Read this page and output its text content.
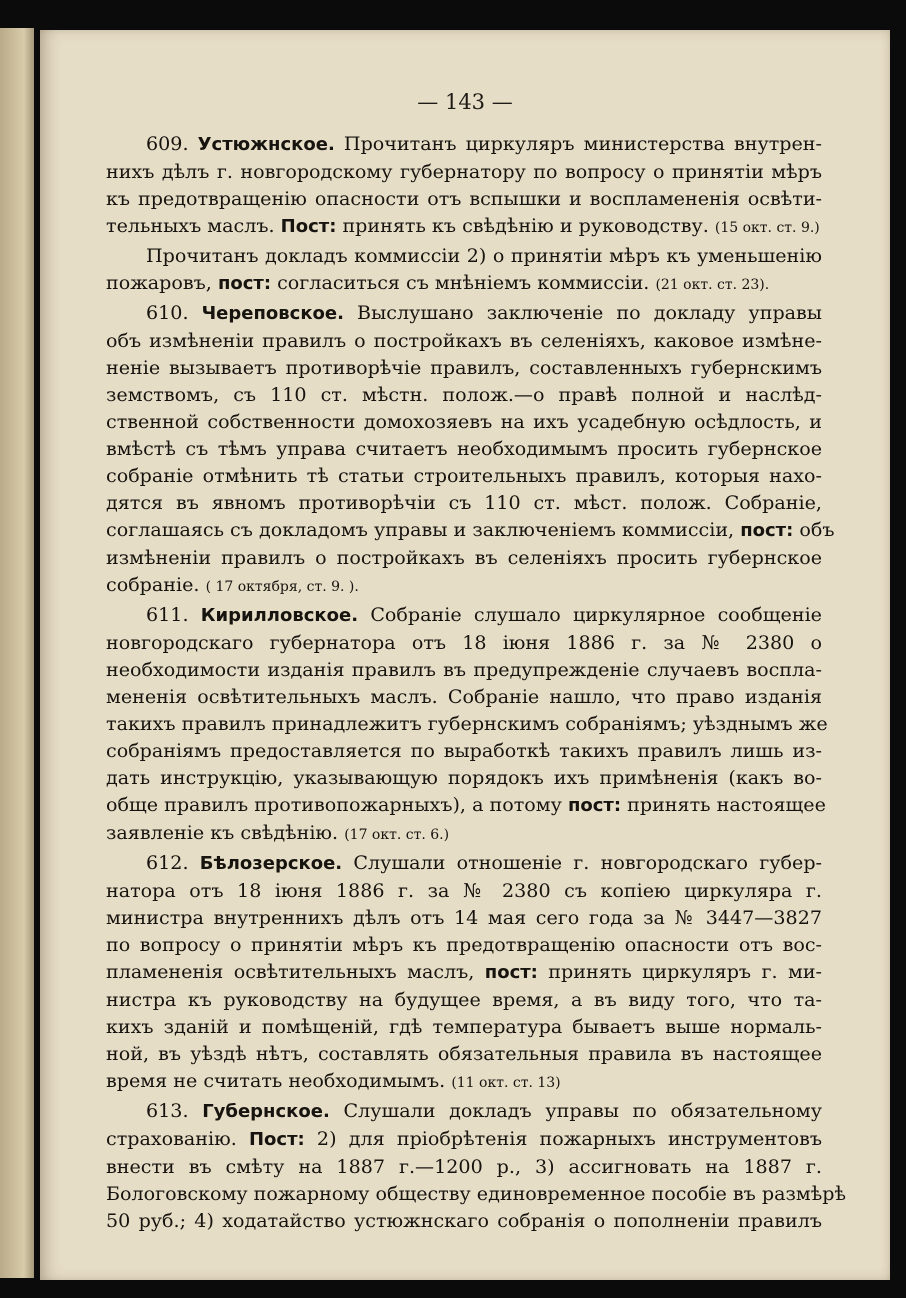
— 143 —
609. Устюжнское. Прочитанъ циркуляръ министерства внутрен-
нихъ дѣлъ г. новгородскому губернатору по вопросу о принятіи мѣръ
къ предотвращенію опасности отъ вспышки и воспламененія освѣти-
тельныхъ маслъ. Пост: принять къ свѣдѣнію и руководству. (15 окт. ст. 9.)
Прочитанъ докладъ коммиссіи 2) о принятіи мѣръ къ уменьшенію
пожаровъ, пост: согласиться съ мнѣніемъ коммиссіи. (21 окт. ст. 23).
610. Череповское. Выслушано заключеніе по докладу управы
объ измѣненіи правилъ о постройкахъ въ селеніяхъ, каковое измѣне-
неніе вызываетъ противорѣчіе правилъ, составленныхъ губернскимъ
земствомъ, съ 110 ст. мѣстн. полож.—о правѣ полной и наслѣд-
ственной собственности домохозяевъ на ихъ усадебную осѣдлость, и
вмѣстѣ съ тѣмъ управа считаетъ необходимымъ просить губернское
собраніе отмѣнить тѣ статьи строительныхъ правилъ, которыя нахо-
дятся въ явномъ противорѣчіи съ 110 ст. мѣст. полож. Собраніе,
соглашаясь съ докладомъ управы и заключеніемъ коммиссіи, пост: объ
измѣненіи правилъ о постройкахъ въ селеніяхъ просить губернское
собраніе. ( 17 октября, ст. 9. ).
611. Кирилловское. Собраніе слушало циркулярное сообщеніе
новгородскаго губернатора отъ 18 іюня 1886 г. за № 2380 о
необходимости изданія правилъ въ предупрежденіе случаевъ воспла-
мененія освѣтительныхъ маслъ. Собраніе нашло, что право изданія
такихъ правилъ принадлежитъ губернскимъ собраніямъ; уѣзднымъ же
собраніямъ предоставляется по выработкѣ такихъ правилъ лишь из-
дать инструкцію, указывающую порядокъ ихъ примѣненія (какъ во-
обще правилъ противопожарныхъ), а потому пост: принять настоящее
заявленіе къ свѣдѣнію. (17 окт. ст. 6.)
612. Бѣлозерское. Слушали отношеніе г. новгородскаго губер-
натора отъ 18 іюня 1886 г. за № 2380 съ копіею циркуляра г.
министра внутреннихъ дѣлъ отъ 14 мая сего года за № 3447—3827
по вопросу о принятіи мѣръ къ предотвращенію опасности отъ вос-
пламененія освѣтительныхъ маслъ, пост: принять циркуляръ г. ми-
нистра къ руководству на будущее время, а въ виду того, что та-
кихъ зданій и помѣщеній, гдѣ температура бываетъ выше нормаль-
ной, въ уѣздѣ нѣтъ, составлять обязательныя правила въ настоящее
время не считать необходимымъ. (11 окт. ст. 13)
613. Губернское. Слушали докладъ управы по обязательному
страхованію. Пост: 2) для пріобрѣтенія пожарныхъ инструментовъ
внести въ смѣту на 1887 г.—1200 р., 3) ассигновать на 1887 г.
Бологовскому пожарному обществу единовременное пособіе въ размѣрѣ
50 руб.; 4) ходатайство устюжнскаго собранія о пополненіи правилъ
